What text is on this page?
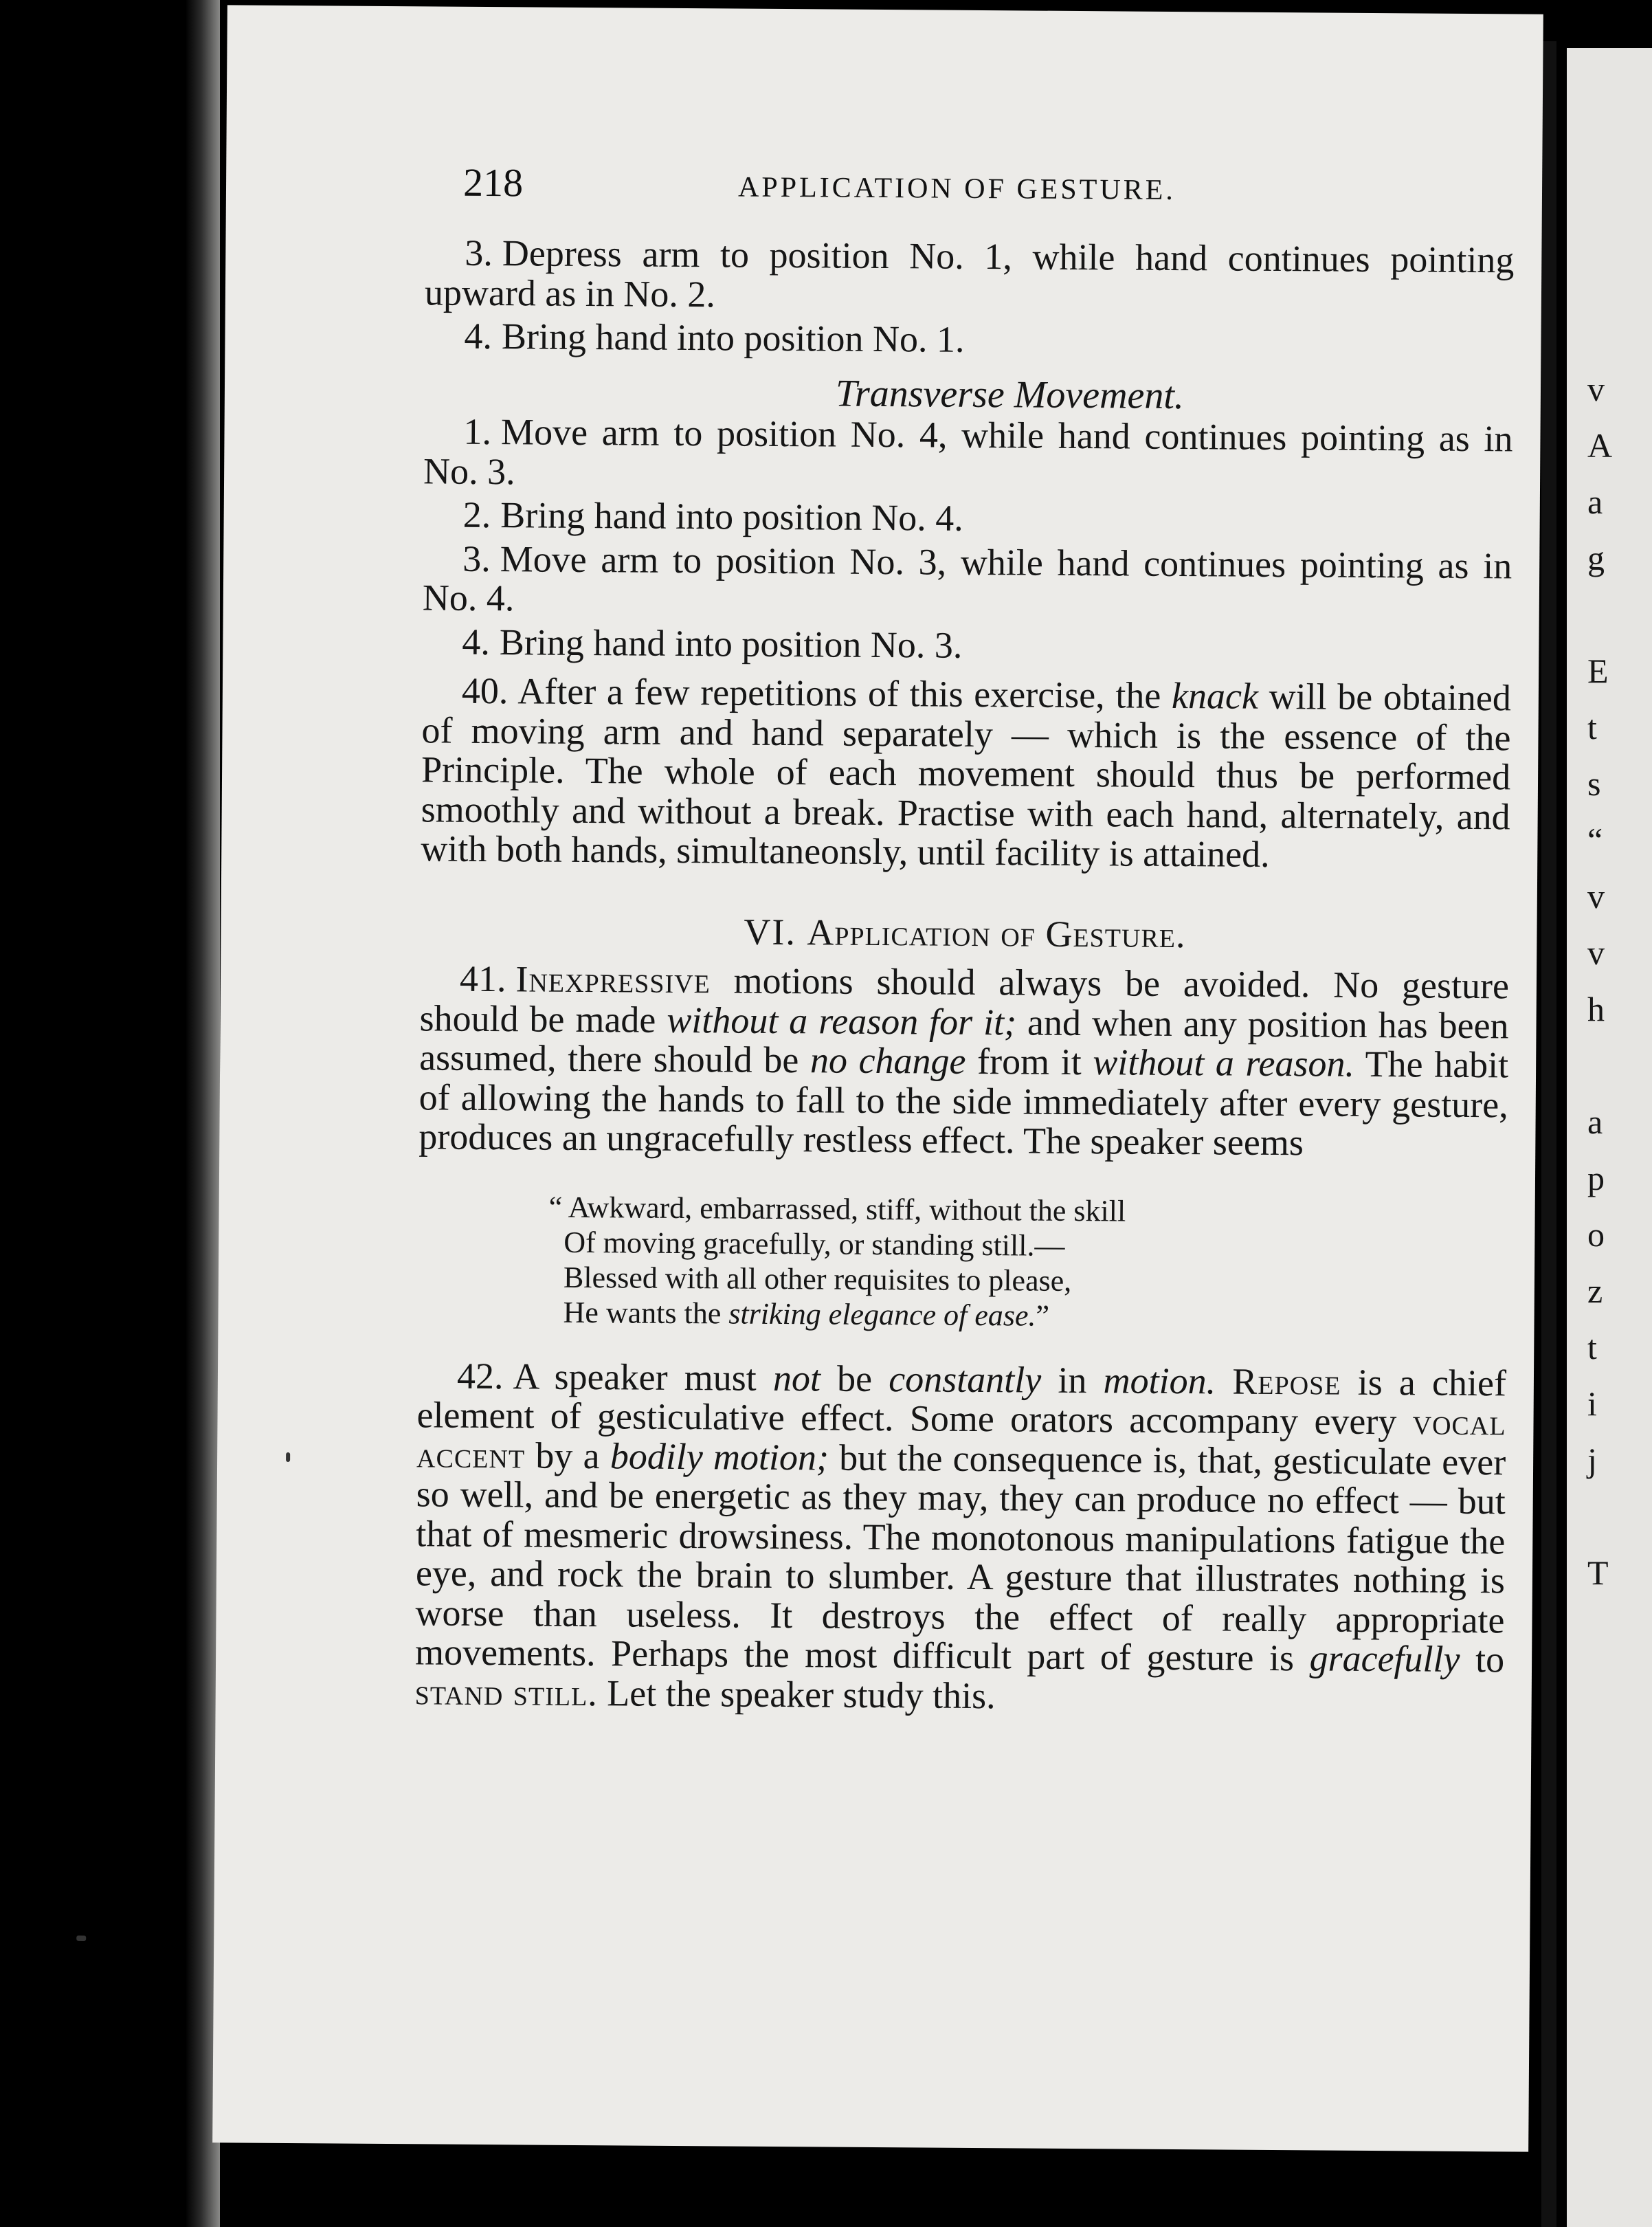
v
A
a
g
E
t
s
“
v
v
h
a
p
o
z
t
i
j
T
218	APPLICATION OF GESTURE.

3. Depress arm to position No. 1, while hand continues pointing upward as in No. 2.

4. Bring hand into position No. 1.

Transverse Movement.

1. Move arm to position No. 4, while hand continues pointing as in No. 3.

2. Bring hand into position No. 4.

3. Move arm to position No. 3, while hand continues pointing as in No. 4.

4. Bring hand into position No. 3.

40. After a few repetitions of this exercise, the knack will be obtained of moving arm and hand separately — which is the essence of the Principle. The whole of each movement should thus be performed smoothly and without a break. Practise with each hand, alternately, and with both hands, simultaneonsly, until facility is attained.

VI. Application of Gesture.

41. Inexpressive motions should always be avoided. No gesture should be made without a reason for it; and when any position has been assumed, there should be no change from it without a reason. The habit of allowing the hands to fall to the side immediately after every gesture, produces an ungracefully restless effect. The speaker seems

“ Awkward, embarrassed, stiff, without the skill
Of moving gracefully, or standing still.—
Blessed with all other requisites to please,
He wants the striking elegance of ease.”

42. A speaker must not be constantly in motion. Repose is a chief element of gesticulative effect. Some orators accompany every vocal accent by a bodily motion; but the consequence is, that, gesticulate ever so well, and be energetic as they may, they can produce no effect — but that of mesmeric drowsiness. The monotonous manipulations fatigue the eye, and rock the brain to slumber. A gesture that illustrates nothing is worse than useless. It destroys the effect of really appropriate movements. Perhaps the most difficult part of gesture is gracefully to stand still. Let the speaker study this.
